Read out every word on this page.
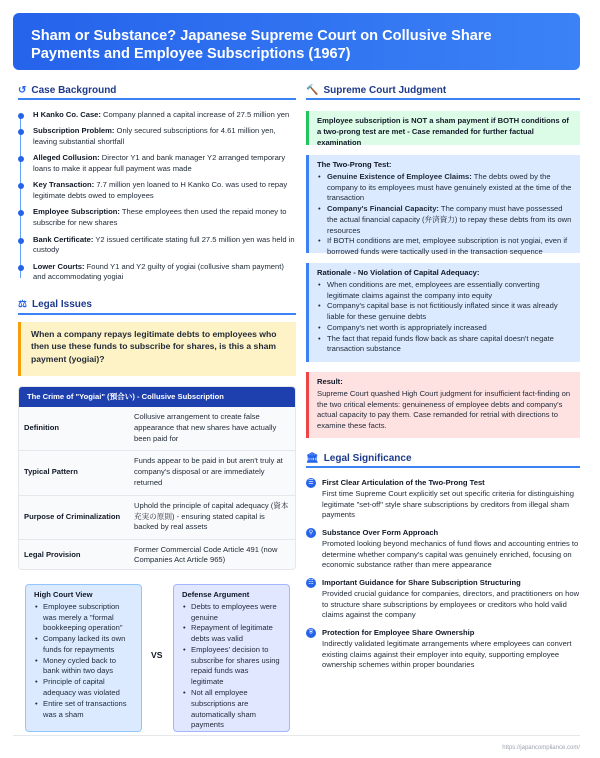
Sham or Substance? Japanese Supreme Court on Collusive Share Payments and Employee Subscriptions (1967)
↺ Case Background
H Kanko Co. Case: Company planned a capital increase of 27.5 million yen
Subscription Problem: Only secured subscriptions for 4.61 million yen, leaving substantial shortfall
Alleged Collusion: Director Y1 and bank manager Y2 arranged temporary loans to make it appear full payment was made
Key Transaction: 7.7 million yen loaned to H Kanko Co. was used to repay legitimate debts owed to employees
Employee Subscription: These employees then used the repaid money to subscribe for new shares
Bank Certificate: Y2 issued certificate stating full 27.5 million yen was held in custody
Lower Courts: Found Y1 and Y2 guilty of yogiai (collusive sham payment) and accommodating yogiai
⚖ Legal Issues
When a company repays legitimate debts to employees who then use these funds to subscribe for shares, is this a sham payment (yogiai)?
The Crime of "Yogiai" (預合い) - Collusive Subscription
Definition	Collusive arrangement to create false appearance that new shares have actually been paid for
Typical Pattern	Funds appear to be paid in but aren't truly at company's disposal or are immediately returned
Purpose of Criminalization	Uphold the principle of capital adequacy (資本充実の原則) - ensuring stated capital is backed by real assets
Legal Provision	Former Commercial Code Article 491 (now Companies Act Article 965)
High Court View
• Employee subscription was merely a "formal bookkeeping operation"
• Company lacked its own funds for repayments
• Money cycled back to bank within two days
• Principle of capital adequacy was violated
• Entire set of transactions was a sham
VS
Defense Argument
• Debts to employees were genuine
• Repayment of legitimate debts was valid
• Employees' decision to subscribe for shares using repaid funds was legitimate
• Not all employee subscriptions are automatically sham payments
🔨 Supreme Court Judgment
Employee subscription is NOT a sham payment if BOTH conditions of a two-prong test are met - Case remanded for further factual examination
The Two-Prong Test:
• Genuine Existence of Employee Claims: The debts owed by the company to its employees must have genuinely existed at the time of the transaction
• Company's Financial Capacity: The company must have possessed the actual financial capacity (弁済資力) to repay these debts from its own resources
• If BOTH conditions are met, employee subscription is not yogiai, even if borrowed funds were tactically used in the transaction sequence
Rationale - No Violation of Capital Adequacy:
• When conditions are met, employees are essentially converting legitimate claims against the company into equity
• Company's capital base is not fictitiously inflated since it was already liable for these genuine debts
• Company's net worth is appropriately increased
• The fact that repaid funds flow back as share capital doesn't negate transaction substance
Result:
Supreme Court quashed High Court judgment for insufficient fact-finding on the two critical elements: genuineness of employee debts and company's actual capacity to pay them. Case remanded for retrial with directions to examine these facts.
🏛 Legal Significance
☰	First Clear Articulation of the Two-Prong Test

First time Supreme Court explicitly set out specific criteria for distinguishing legitimate "set-off" style share subscriptions by creditors from illegal sham payments

⚲	Substance Over Form Approach

Promoted looking beyond mechanics of fund flows and accounting entries to determine whether company's capital was genuinely enriched, focusing on economic substance rather than mere appearance

☷	Important Guidance for Share Subscription Structuring

Provided crucial guidance for companies, directors, and practitioners on how to structure share subscriptions by employees or creditors who hold valid claims against the company

⛨	Protection for Employee Share Ownership

Indirectly validated legitimate arrangements where employees can convert existing claims against their employer into equity, supporting employee ownership schemes within proper boundaries

https://japancompliance.com/
